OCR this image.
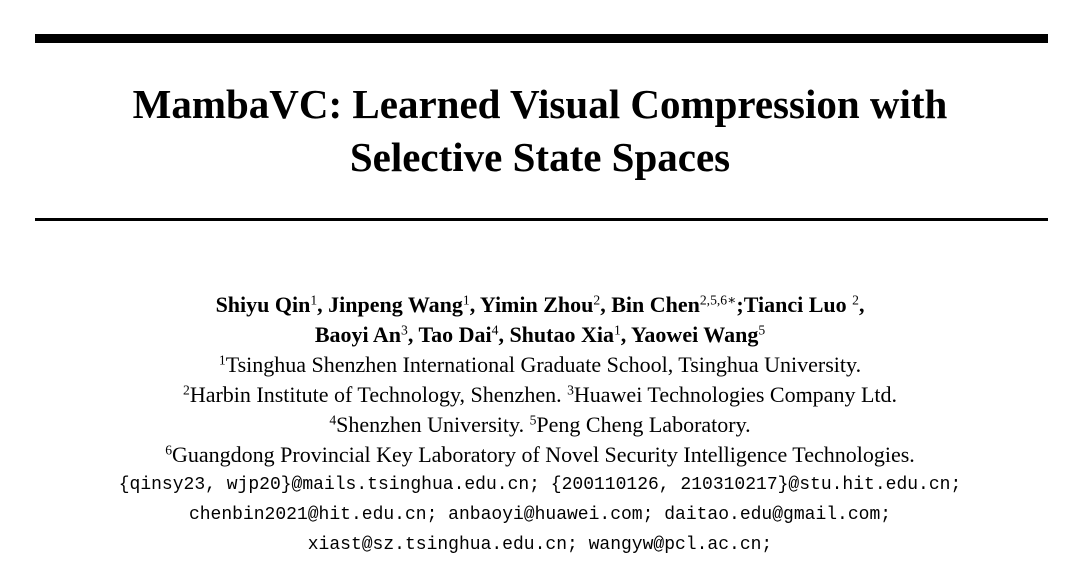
MambaVC: Learned Visual Compression with
Selective State Spaces
Shiyu Qin$^1$, Jinpeng Wang$^1$, Yimin Zhou$^2$, Bin Chen$^{2,5,6∗}$;Tianci Luo $^2$,
Baoyi An$^3$, Tao Dai$^4$, Shutao Xia$^1$, Yaowei Wang$^5$
$^1$Tsinghua Shenzhen International Graduate School, Tsinghua University.
$^2$Harbin Institute of Technology, Shenzhen. $^3$Huawei Technologies Company Ltd.
$^4$Shenzhen University. $^5$Peng Cheng Laboratory.
$^6$Guangdong Provincial Key Laboratory of Novel Security Intelligence Technologies.
{qinsy23, wjp20}@mails.tsinghua.edu.cn; {200110126, 210310217}@stu.hit.edu.cn;
chenbin2021@hit.edu.cn; anbaoyi@huawei.com; daitao.edu@gmail.com;
xiast@sz.tsinghua.edu.cn; wangyw@pcl.ac.cn;
